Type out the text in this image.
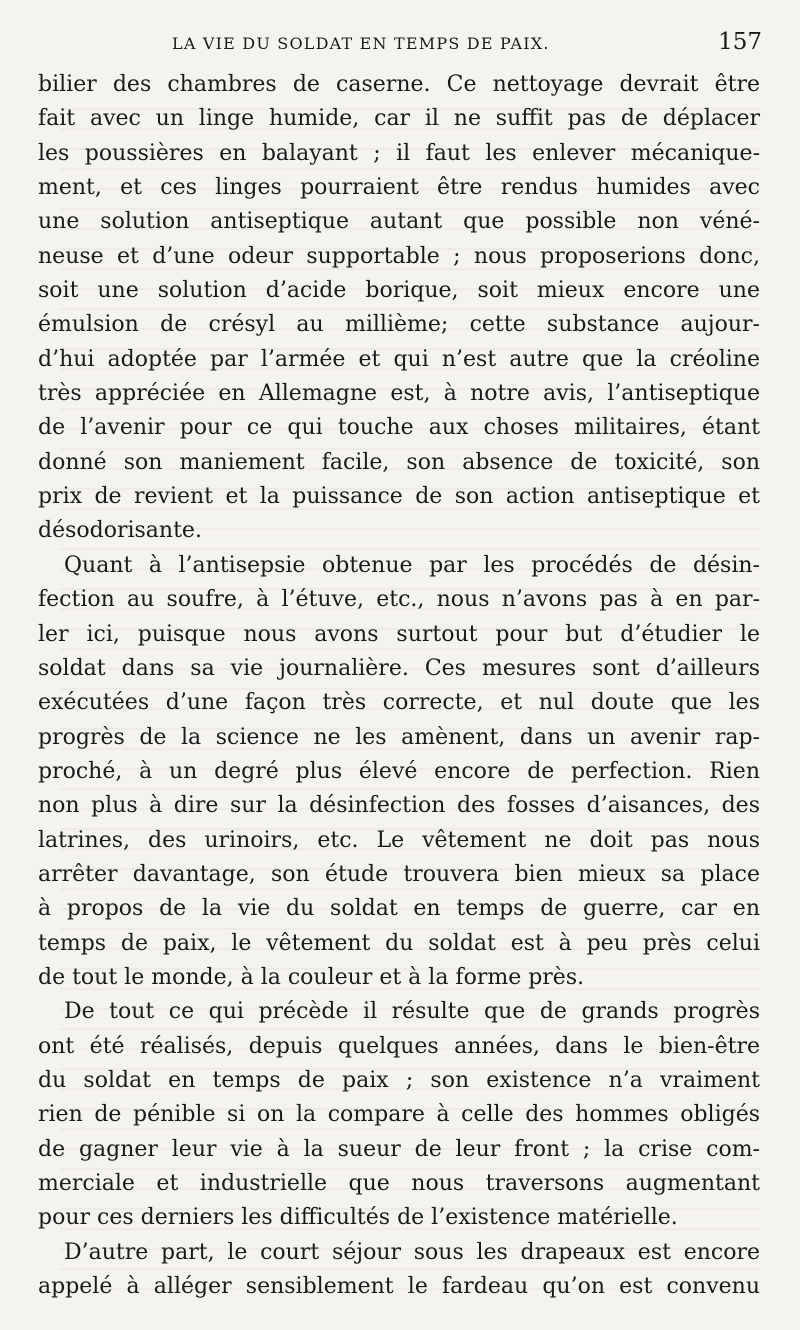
LA VIE DU SOLDAT EN TEMPS DE PAIX.	157
bilier des chambres de caserne. Ce nettoyage devrait être
fait avec un linge humide, car il ne suffit pas de déplacer
les poussières en balayant ; il faut les enlever mécanique-
ment, et ces linges pourraient être rendus humides avec
une solution antiseptique autant que possible non véné-
neuse et d’une odeur supportable ; nous proposerions donc,
soit une solution d’acide borique, soit mieux encore une
émulsion de crésyl au millième; cette substance aujour-
d’hui adoptée par l’armée et qui n’est autre que la créoline
très appréciée en Allemagne est, à notre avis, l’antiseptique
de l’avenir pour ce qui touche aux choses militaires, étant
donné son maniement facile, son absence de toxicité, son
prix de revient et la puissance de son action antiseptique et
désodorisante.
Quant à l’antisepsie obtenue par les procédés de désin-
fection au soufre, à l’étuve, etc., nous n’avons pas à en par-
ler ici, puisque nous avons surtout pour but d’étudier le
soldat dans sa vie journalière. Ces mesures sont d’ailleurs
exécutées d’une façon très correcte, et nul doute que les
progrès de la science ne les amènent, dans un avenir rap-
proché, à un degré plus élevé encore de perfection. Rien
non plus à dire sur la désinfection des fosses d’aisances, des
latrines, des urinoirs, etc. Le vêtement ne doit pas nous
arrêter davantage, son étude trouvera bien mieux sa place
à propos de la vie du soldat en temps de guerre, car en
temps de paix, le vêtement du soldat est à peu près celui
de tout le monde, à la couleur et à la forme près.
De tout ce qui précède il résulte que de grands progrès
ont été réalisés, depuis quelques années, dans le bien-être
du soldat en temps de paix ; son existence n’a vraiment
rien de pénible si on la compare à celle des hommes obligés
de gagner leur vie à la sueur de leur front ; la crise com-
merciale et industrielle que nous traversons augmentant
pour ces derniers les difficultés de l’existence matérielle.
D’autre part, le court séjour sous les drapeaux est encore
appelé à alléger sensiblement le fardeau qu’on est convenu
